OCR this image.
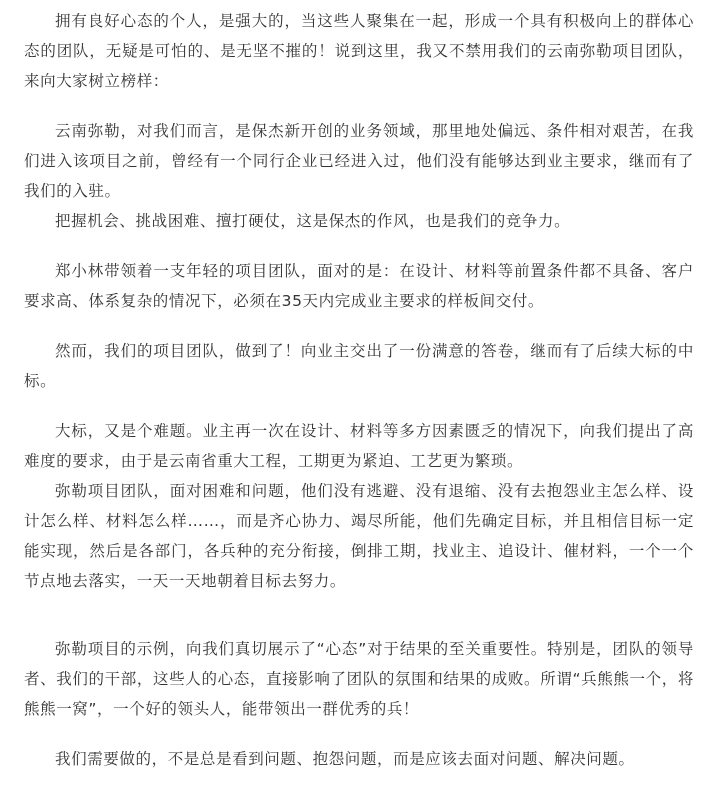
拥有良好心态的个人，是强大的，当这些人聚集在一起，形成一个具有积极向上的群体心态的团队，无疑是可怕的、是无坚不摧的！说到这里，我又不禁用我们的云南弥勒项目团队，来向大家树立榜样：

云南弥勒，对我们而言，是保杰新开创的业务领域，那里地处偏远、条件相对艰苦，在我们进入该项目之前，曾经有一个同行企业已经进入过，他们没有能够达到业主要求，继而有了我们的入驻。

把握机会、挑战困难、擅打硬仗，这是保杰的作风，也是我们的竞争力。

郑小林带领着一支年轻的项目团队，面对的是：在设计、材料等前置条件都不具备、客户要求高、体系复杂的情况下，必须在35天内完成业主要求的样板间交付。

然而，我们的项目团队，做到了！向业主交出了一份满意的答卷，继而有了后续大标的中标。

大标，又是个难题。业主再一次在设计、材料等多方因素匮乏的情况下，向我们提出了高难度的要求，由于是云南省重大工程，工期更为紧迫、工艺更为繁琐。

弥勒项目团队，面对困难和问题，他们没有逃避、没有退缩、没有去抱怨业主怎么样、设计怎么样、材料怎么样……，而是齐心协力、竭尽所能，他们先确定目标，并且相信目标一定能实现，然后是各部门，各兵种的充分衔接，倒排工期，找业主、追设计、催材料，一个一个节点地去落实，一天一天地朝着目标去努力。

弥勒项目的示例，向我们真切展示了“心态”对于结果的至关重要性。特别是，团队的领导者、我们的干部，这些人的心态，直接影响了团队的氛围和结果的成败。所谓“兵熊熊一个，将熊熊一窝”，一个好的领头人，能带领出一群优秀的兵！

我们需要做的，不是总是看到问题、抱怨问题，而是应该去面对问题、解决问题。
